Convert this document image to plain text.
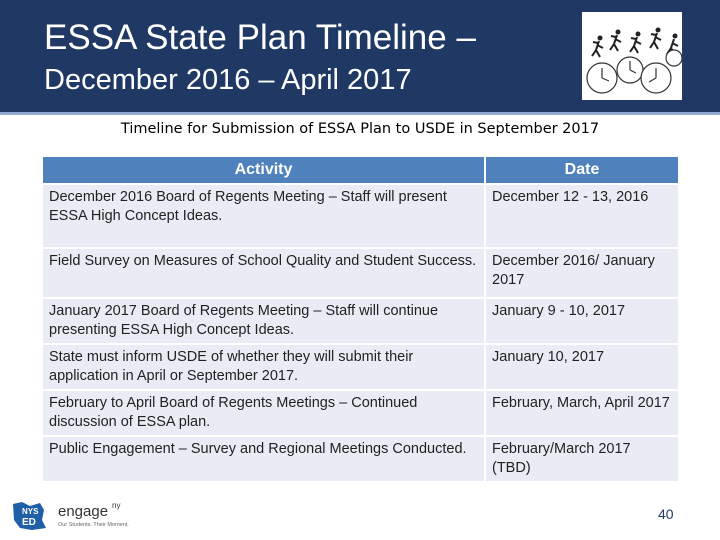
ESSA State Plan Timeline –
December 2016 – April 2017
Timeline for Submission of ESSA Plan to USDE in September 2017
Activity	Date
December 2016 Board of Regents Meeting – Staff will present ESSA High Concept Ideas.	December 12 - 13, 2016
Field Survey on Measures of School Quality and Student Success.	December 2016/ January 2017
January 2017 Board of Regents Meeting – Staff will continue presenting ESSA High Concept Ideas.	January 9 - 10, 2017
State must inform USDE of whether they will submit their application in April or September 2017.	January 10, 2017
February to April Board of Regents Meetings – Continued discussion of ESSA plan.	February, March, April 2017
Public Engagement – Survey and Regional Meetings Conducted.	February/March 2017 (TBD)
NYS
ED
engage ny
Our Students. Their Moment.
40
